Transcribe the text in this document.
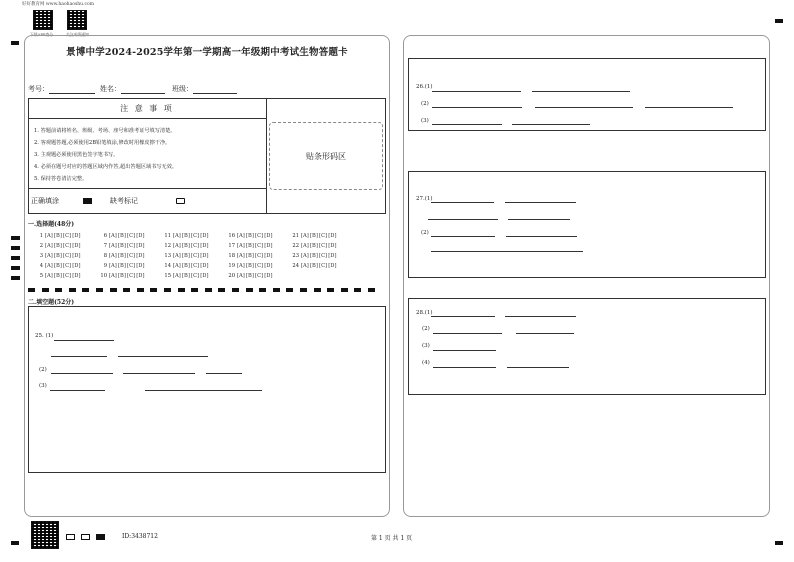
好好教育网 www.haohaoshu.com
下载APP查分	关注成绩通知
景博中学2024-2025学年第一学期高一年级期中考试生物答题卡
考号：	姓名：	班级：
注 意 事 项
1. 答题前请将姓名、班级、考场、座号和准考证号填写清楚。
2. 客观题答题,必须使用2B铅笔填涂,修改时用橡皮擦干净。
3. 主观题必须使用黑色签字笔书写。
4. 必须在题号对应的答题区域内作答,超出答题区域书写无效。
5. 保持答卷清洁完整。
正确填涂	缺考标记
贴条形码区
一.选择题(48分)
1 [A][B][C][D]	6 [A][B][C][D]	11 [A][B][C][D]	16 [A][B][C][D]	21 [A][B][C][D]
2 [A][B][C][D]	7 [A][B][C][D]	12 [A][B][C][D]	17 [A][B][C][D]	22 [A][B][C][D]
3 [A][B][C][D]	8 [A][B][C][D]	13 [A][B][C][D]	18 [A][B][C][D]	23 [A][B][C][D]
4 [A][B][C][D]	9 [A][B][C][D]	14 [A][B][C][D]	19 [A][B][C][D]	24 [A][B][C][D]
5 [A][B][C][D]	10 [A][B][C][D]	15 [A][B][C][D]	20 [A][B][C][D]
二.填空题(52分)
25. (1)
(2)
(3)
26.(1)
(2)
(3)
27.(1)
(2)
28.(1)
(2)
(3)
(4)
ID:3438712	第 1 页 共 1 页
